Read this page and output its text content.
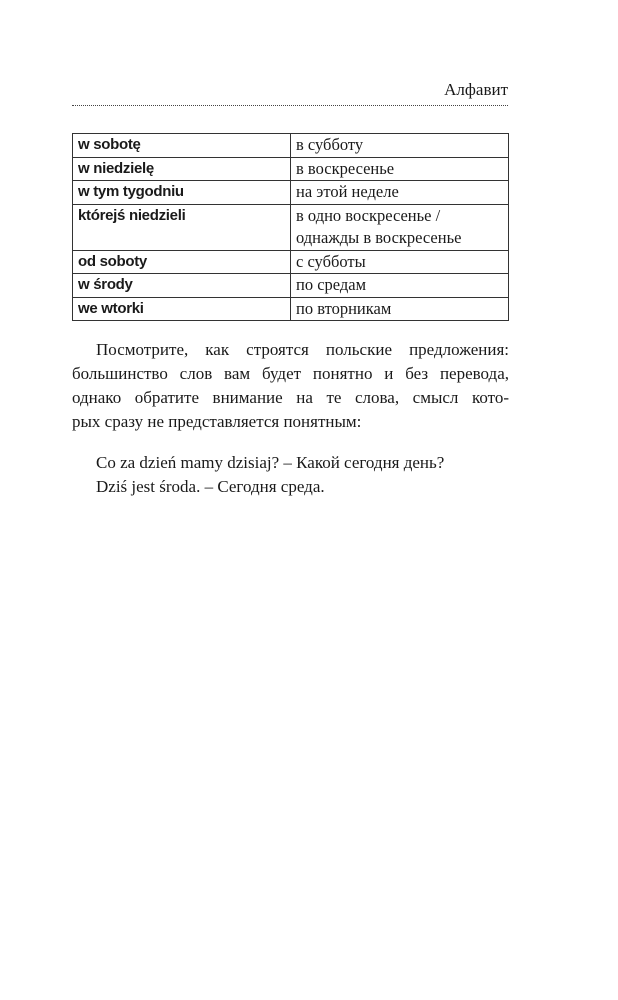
Алфавит
w sobotę	в субботу
w niedzielę	в воскресенье
w tym tygodniu	на этой неделе
którejś niedzieli	в одно воскресенье /
однажды в воскресенье

od soboty	с субботы
w środy	по средам
we wtorki	по вторникам
Посмотрите, как строятся польские предложения:
большинство слов вам будет понятно и без перевода,
однако обратите внимание на те слова, смысл кото-
рых сразу не представляется понятным:
Co za dzień mamy dzisiaj? – Какой сегодня день?
Dziś jest środa. – Сегодня среда.
